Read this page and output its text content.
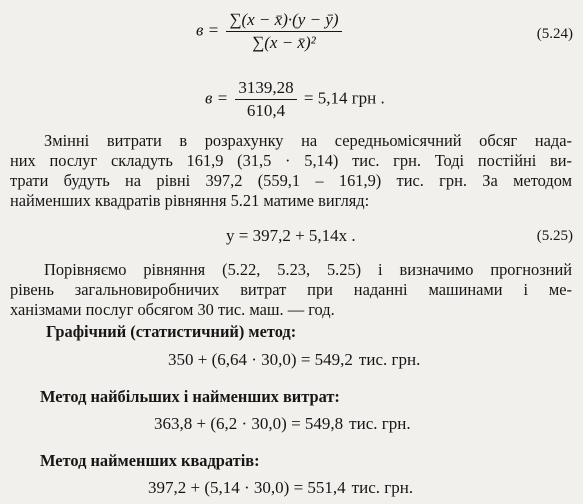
$в = \frac{\sum(x - x̄)\cdot(y - ȳ)}{\text{∑(x − x̄)²}}$	(5.24)
$в = \frac{3139,28}{610,4} = 5,14$ грн .
Змінні витрати в розрахунку на середньомісячний обсяг нада-
них послуг складуть 161,9 (31,5 · 5,14) тис. грн. Тоді постійні ви-
трати будуть на рівні 397,2 (559,1 – 161,9) тис. грн. За методом
найменших квадратів рівняння 5.21 матиме вигляд:
y = 397,2 + 5,14x .	(5.25)
Порівняємо рівняння (5.22, 5.23, 5.25) і визначимо прогнозний
рівень загальновиробничих витрат при наданні машинами і ме-
ханізмами послуг обсягом 30 тис. маш. — год.
Графічний (статистичний) метод:
350 + (6,64 · 30,0) = 549,2 тис. грн.
Метод найбільших і найменших витрат:
363,8 + (6,2 · 30,0) = 549,8 тис. грн.
Метод найменших квадратів:
397,2 + (5,14 · 30,0) = 551,4 тис. грн.
